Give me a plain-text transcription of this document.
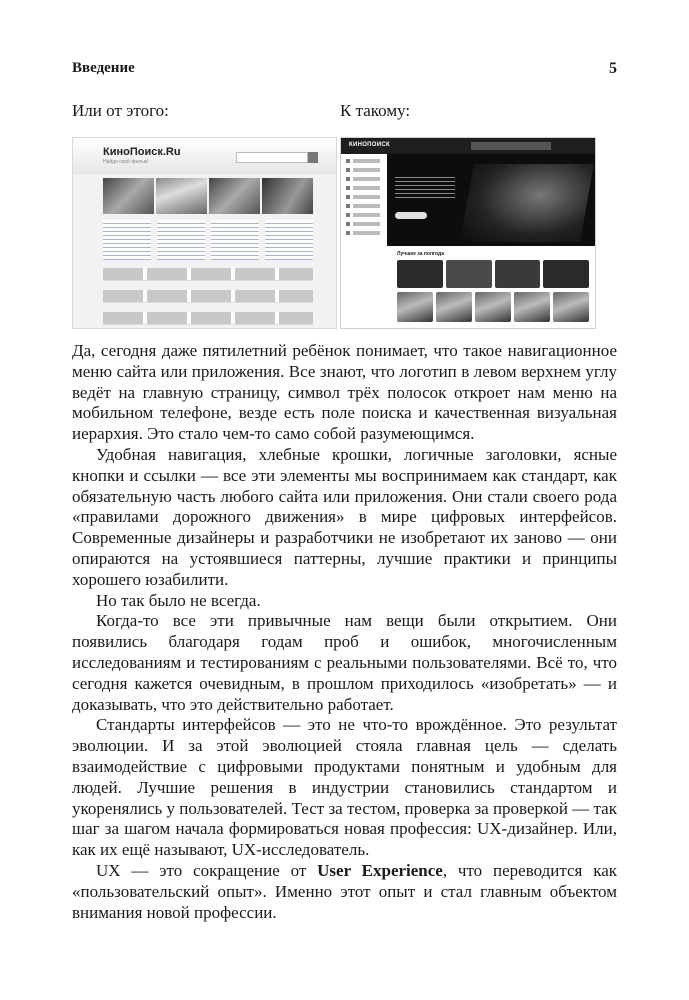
Введение	5
Или от этого:	К такому:
КиноПоиск.Ru
Найди свой фильм!
КИНОПОИСК
Лучшее за полгода

Да, сегодня даже пятилетний ребёнок понимает, что такое навигационное меню сайта или приложения. Все знают, что логотип в левом верхнем углу ведёт на главную страницу, символ трёх полосок откроет нам меню на мобильном телефоне, везде есть поле поиска и качественная визуальная иерархия. Это стало чем-то само собой разумеющимся.

Удобная навигация, хлебные крошки, логичные заголовки, ясные кнопки и ссылки — все эти элементы мы воспринимаем как стандарт, как обязательную часть любого сайта или приложения. Они стали своего рода «правилами дорожного движения» в мире цифровых интерфейсов. Современные дизайнеры и разработчики не изобретают их заново — они опираются на устоявшиеся паттерны, лучшие практики и принципы хорошего юзабилити.

Но так было не всегда.

Когда-то все эти привычные нам вещи были открытием. Они появились благодаря годам проб и ошибок, многочисленным исследованиям и тестированиям с реальными пользователями. Всё то, что сегодня кажется очевидным, в прошлом приходилось «изобретать» — и доказывать, что это действительно работает.

Стандарты интерфейсов — это не что-то врождённое. Это результат эволюции. И за этой эволюцией стояла главная цель — сделать взаимодействие с цифровыми продуктами понятным и удобным для людей. Лучшие решения в индустрии становились стандартом и укоренялись у пользователей. Тест за тестом, проверка за проверкой — так шаг за шагом начала формироваться новая профессия: UX-дизайнер. Или, как их ещё называют, UX-исследователь.

UX — это сокращение от User Experience, что переводится как «пользовательский опыт». Именно этот опыт и стал главным объектом внимания новой профессии.
